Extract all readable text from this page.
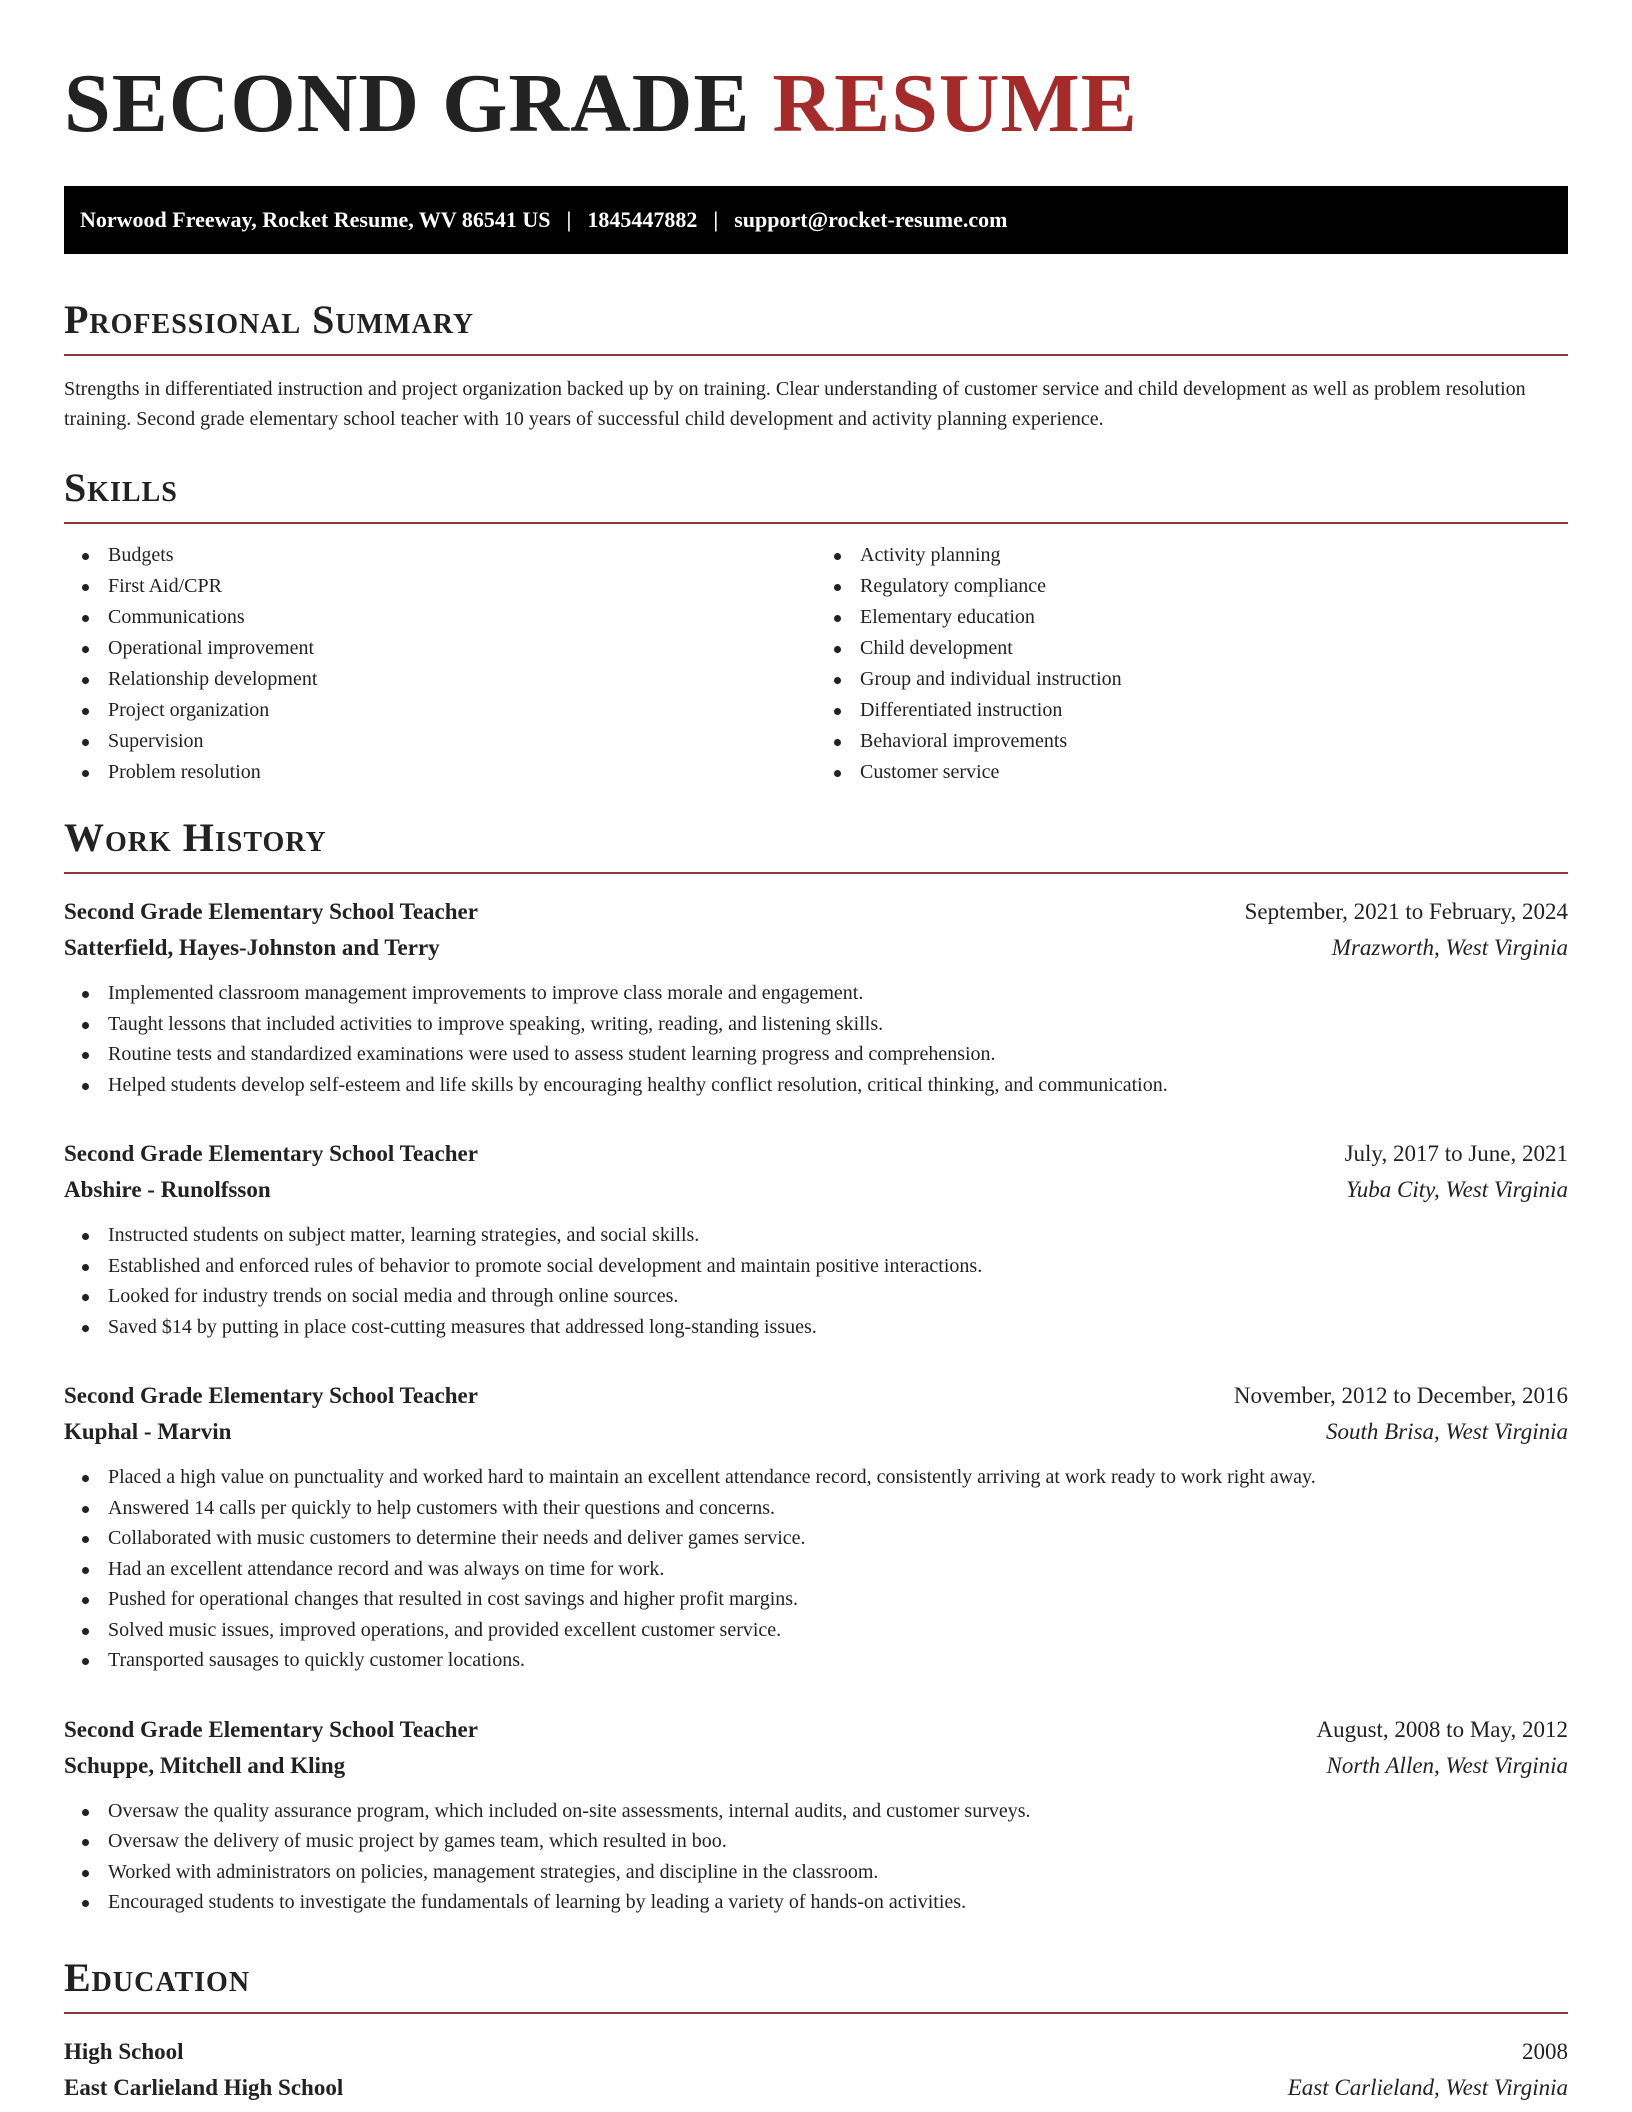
SECOND GRADE RESUME
Norwood Freeway, Rocket Resume, WV 86541 US | 1845447882 | support@rocket-resume.com
Professional Summary

Strengths in differentiated instruction and project organization backed up by on training. Clear understanding of customer service and child development as well as problem resolution training. Second grade elementary school teacher with 10 years of successful child development and activity planning experience.

Skills
Budgets
First Aid/CPR
Communications
Operational improvement
Relationship development
Project organization
Supervision
Problem resolution
Activity planning
Regulatory compliance
Elementary education
Child development
Group and individual instruction
Differentiated instruction
Behavioral improvements
Customer service
Work History
Second Grade Elementary School Teacher	September, 2021 to February, 2024
Satterfield, Hayes-Johnston and Terry	Mrazworth, West Virginia
Implemented classroom management improvements to improve class morale and engagement.
Taught lessons that included activities to improve speaking, writing, reading, and listening skills.
Routine tests and standardized examinations were used to assess student learning progress and comprehension.
Helped students develop self-esteem and life skills by encouraging healthy conflict resolution, critical thinking, and communication.
Second Grade Elementary School Teacher	July, 2017 to June, 2021
Abshire - Runolfsson	Yuba City, West Virginia
Instructed students on subject matter, learning strategies, and social skills.
Established and enforced rules of behavior to promote social development and maintain positive interactions.
Looked for industry trends on social media and through online sources.
Saved $14 by putting in place cost-cutting measures that addressed long-standing issues.
Second Grade Elementary School Teacher	November, 2012 to December, 2016
Kuphal - Marvin	South Brisa, West Virginia
Placed a high value on punctuality and worked hard to maintain an excellent attendance record, consistently arriving at work ready to work right away.
Answered 14 calls per quickly to help customers with their questions and concerns.
Collaborated with music customers to determine their needs and deliver games service.
Had an excellent attendance record and was always on time for work.
Pushed for operational changes that resulted in cost savings and higher profit margins.
Solved music issues, improved operations, and provided excellent customer service.
Transported sausages to quickly customer locations.
Second Grade Elementary School Teacher	August, 2008 to May, 2012
Schuppe, Mitchell and Kling	North Allen, West Virginia
Oversaw the quality assurance program, which included on-site assessments, internal audits, and customer surveys.
Oversaw the delivery of music project by games team, which resulted in boo.
Worked with administrators on policies, management strategies, and discipline in the classroom.
Encouraged students to investigate the fundamentals of learning by leading a variety of hands-on activities.
Education
High School	2008
East Carlieland High School	East Carlieland, West Virginia
